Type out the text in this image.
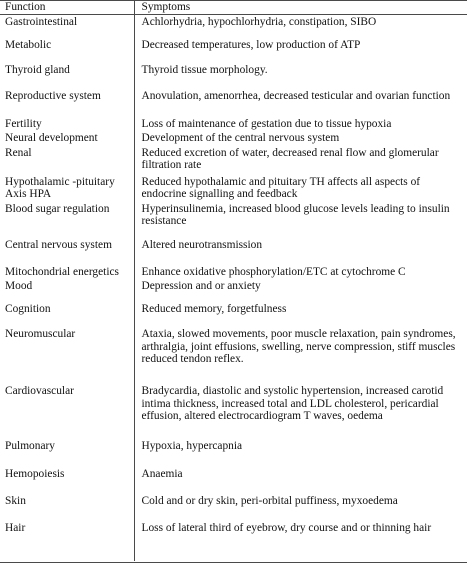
Function	Symptoms
Gastrointestinal	Achlorhydria, hypochlorhydria, constipation, SIBO
Metabolic	Decreased temperatures, low production of ATP
Thyroid gland	Thyroid tissue morphology.
Reproductive system	Anovulation, amenorrhea, decreased testicular and ovarian function
Fertility	Loss of maintenance of gestation due to tissue hypoxia
Neural development	Development of the central nervous system
Renal	Reduced excretion of water, decreased renal flow and glomerular filtration rate
Hypothalamic -pituitary Axis HPA	Reduced hypothalamic and pituitary TH affects all aspects of endocrine signalling and feedback
Blood sugar regulation	Hyperinsulinemia, increased blood glucose levels leading to insulin resistance
Central nervous system	Altered neurotransmission
Mitochondrial energetics	Enhance oxidative phosphorylation/ETC at cytochrome C
Mood	Depression and or anxiety
Cognition	Reduced memory, forgetfulness
Neuromuscular	Ataxia, slowed movements, poor muscle relaxation, pain syndromes, arthralgia, joint effusions, swelling, nerve compression, stiff muscles reduced tendon reflex.
Cardiovascular	Bradycardia, diastolic and systolic hypertension, increased carotid intima thickness, increased total and LDL cholesterol, pericardial effusion, altered electrocardiogram T waves, oedema
Pulmonary	Hypoxia, hypercapnia
Hemopoiesis	Anaemia
Skin	Cold and or dry skin, peri-orbital puffiness, myxoedema
Hair	Loss of lateral third of eyebrow, dry course and or thinning hair
